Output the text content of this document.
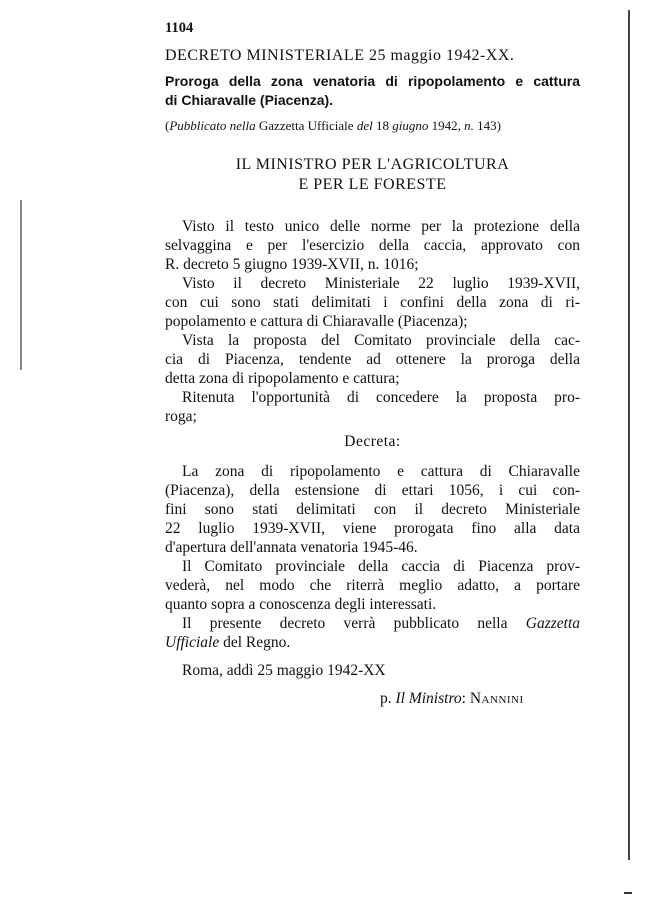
1104
DECRETO MINISTERIALE 25 maggio 1942-XX.
Proroga della zona venatoria di ripopolamento e cattura
di Chiaravalle (Piacenza).
(Pubblicato nella Gazzetta Ufficiale del 18 giugno 1942, n. 143)
IL MINISTRO PER L'AGRICOLTURA
E PER LE FORESTE
Visto il testo unico delle norme per la protezione della
selvaggina e per l'esercizio della caccia, approvato con
R. decreto 5 giugno 1939-XVII, n. 1016;
Visto il decreto Ministeriale 22 luglio 1939-XVII,
con cui sono stati delimitati i confini della zona di ri-
popolamento e cattura di Chiaravalle (Piacenza);
Vista la proposta del Comitato provinciale della cac-
cia di Piacenza, tendente ad ottenere la proroga della
detta zona di ripopolamento e cattura;
Ritenuta l'opportunità di concedere la proposta pro-
roga;
Decreta:
La zona di ripopolamento e cattura di Chiaravalle
(Piacenza), della estensione di ettari 1056, i cui con-
fini sono stati delimitati con il decreto Ministeriale
22 luglio 1939-XVII, viene prorogata fino alla data
d'apertura dell'annata venatoria 1945-46.
Il Comitato provinciale della caccia di Piacenza prov-
vederà, nel modo che riterrà meglio adatto, a portare
quanto sopra a conoscenza degli interessati.
Il presente decreto verrà pubblicato nella Gazzetta
Ufficiale del Regno.
Roma, addì 25 maggio 1942-XX
p. Il Ministro: Nannini
